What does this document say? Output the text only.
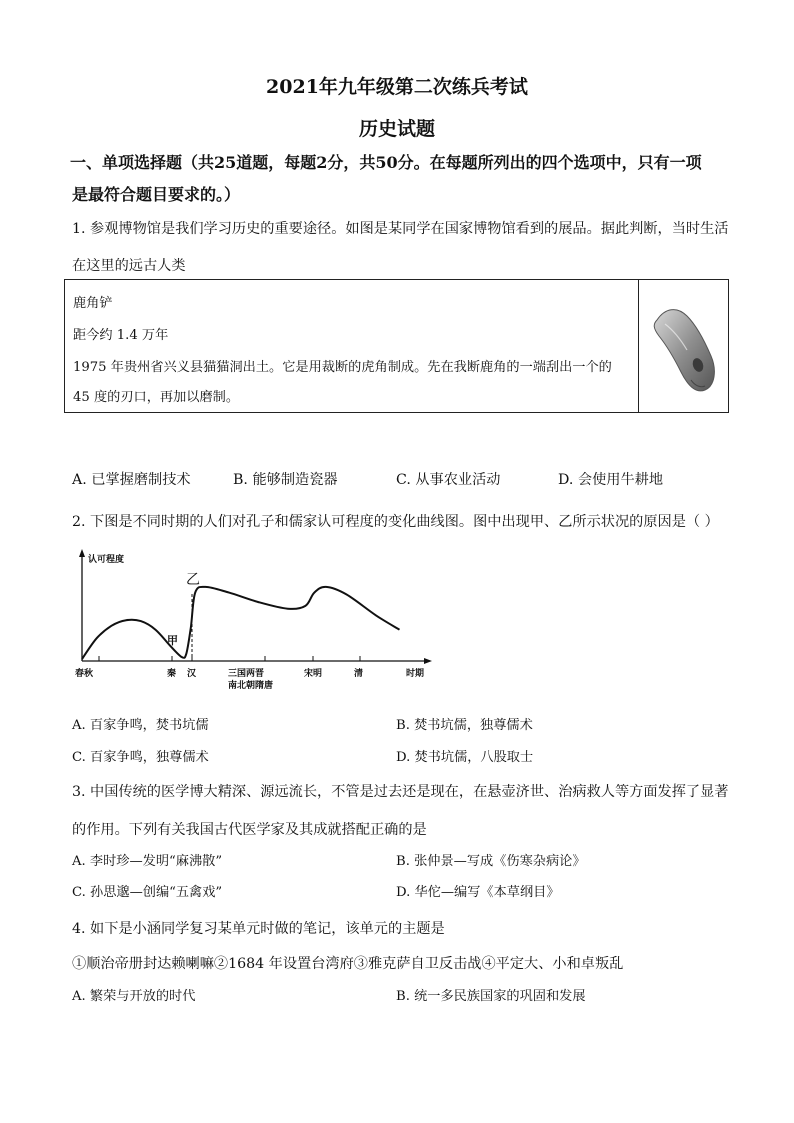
2021年九年级第二次练兵考试
历史试题
一、单项选择题（共25道题，每题2分，共50分。在每题所列出的四个选项中，只有一项
是最符合题目要求的。）
1. 参观博物馆是我们学习历史的重要途径。如图是某同学在国家博物馆看到的展品。据此判断，当时生活
在这里的远古人类
鹿角铲
距今约 1.4 万年
1975 年贵州省兴义县猫猫洞出土。它是用裁断的虎角制成。先在我断鹿角的一端刮出一个的
45 度的刃口，再加以磨制。
A. 已掌握磨制技术	B. 能够制造瓷器	C. 从事农业活动	D. 会使用牛耕地
2. 下图是不同时期的人们对孔子和儒家认可程度的变化曲线图。图中出现甲、乙所示状况的原因是（ ）
认可程度
时期
甲
乙
春秋	秦 汉	三国两晋
南北朝隋唐
宋明	清
A. 百家争鸣，焚书坑儒	B. 焚书坑儒，独尊儒术
C. 百家争鸣，独尊儒术	D. 焚书坑儒，八股取士
3. 中国传统的医学博大精深、源远流长，不管是过去还是现在，在悬壶济世、治病救人等方面发挥了显著
的作用。下列有关我国古代医学家及其成就搭配正确的是
A. 李时珍—发明“麻沸散”	B. 张仲景—写成《伤寒杂病论》
C. 孙思邈—创编“五禽戏”	D. 华佗—编写《本草纲目》
4. 如下是小涵同学复习某单元时做的笔记，该单元的主题是
①顺治帝册封达赖喇嘛②1684 年设置台湾府③雅克萨自卫反击战④平定大、小和卓叛乱
A. 繁荣与开放的时代	B. 统一多民族国家的巩固和发展
